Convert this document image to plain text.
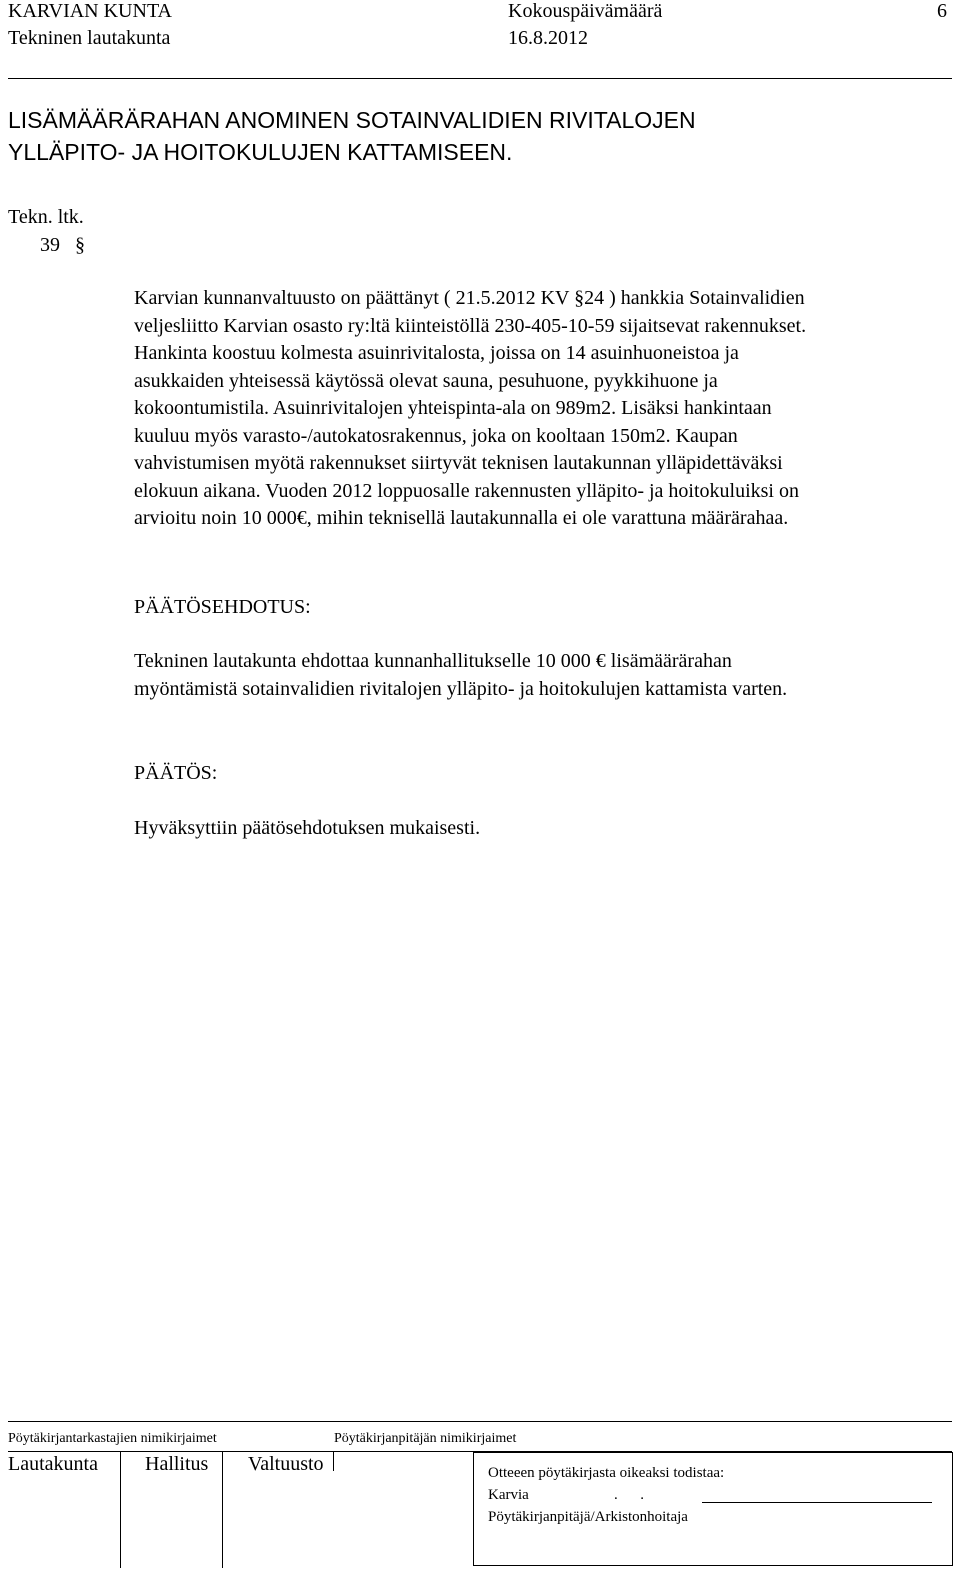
KARVIAN KUNTA	Kokouspäivämäärä	6
Tekninen lautakunta	16.8.2012
LISÄMÄÄRÄRAHAN ANOMINEN SOTAINVALIDIEN RIVITALOJEN
YLLÄPITO- JA HOITOKULUJEN KATTAMISEEN.
Tekn. ltk.
39 §
Karvian kunnanvaltuusto on päättänyt ( 21.5.2012 KV §24 ) hankkia Sotainvalidien
veljesliitto Karvian osasto ry:ltä kiinteistöllä 230-405-10-59 sijaitsevat rakennukset.
Hankinta koostuu kolmesta asuinrivitalosta, joissa on 14 asuinhuoneistoa ja
asukkaiden yhteisessä käytössä olevat sauna, pesuhuone, pyykkihuone ja
kokoontumistila. Asuinrivitalojen yhteispinta-ala on 989m2. Lisäksi hankintaan
kuuluu myös varasto-/autokatosrakennus, joka on kooltaan 150m2. Kaupan
vahvistumisen myötä rakennukset siirtyvät teknisen lautakunnan ylläpidettäväksi
elokuun aikana. Vuoden 2012 loppuosalle rakennusten ylläpito- ja hoitokuluiksi on
arvioitu noin 10 000€, mihin teknisellä lautakunnalla ei ole varattuna määrärahaa.
PÄÄTÖSEHDOTUS:
Tekninen lautakunta ehdottaa kunnanhallitukselle 10 000 € lisämäärärahan
myöntämistä sotainvalidien rivitalojen ylläpito- ja hoitokulujen kattamista varten.
PÄÄTÖS:
Hyväksyttiin päätösehdotuksen mukaisesti.
Pöytäkirjantarkastajien nimikirjaimet	Pöytäkirjanpitäjän nimikirjaimet
Lautakunta Hallitus Valtuusto	Otteeen pöytäkirjasta oikeaksi todistaa:
Karvia	.      .
Pöytäkirjanpitäjä/Arkistonhoitaja
